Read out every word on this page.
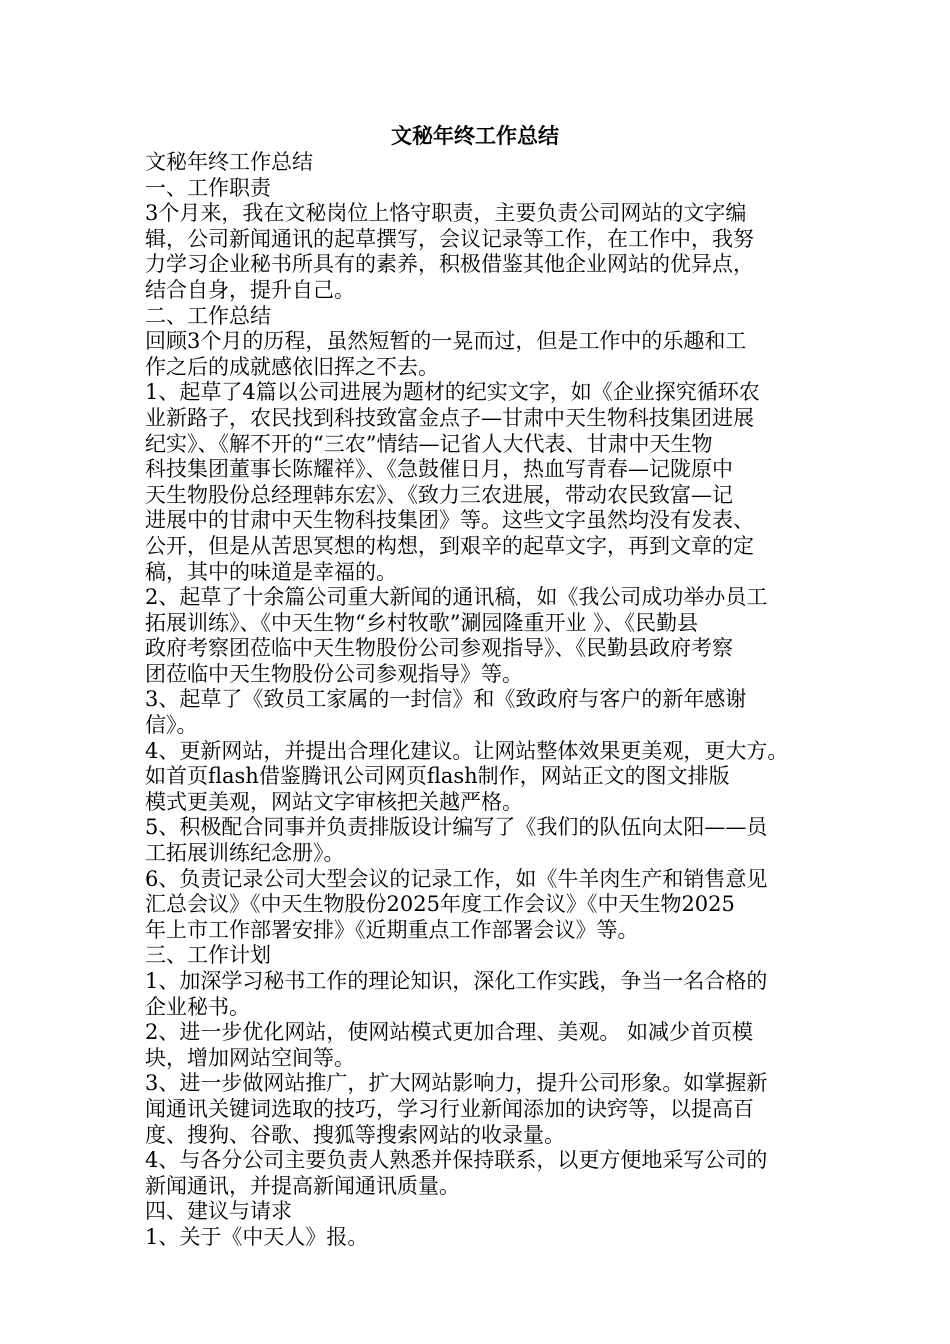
文秘年终工作总结

文秘年终工作总结

一、工作职责

3个月来，我在文秘岗位上恪守职责，主要负责公司网站的文字编
辑，公司新闻通讯的起草撰写，会议记录等工作，在工作中，我努
力学习企业秘书所具有的素养，积极借鉴其他企业网站的优异点，
结合自身，提升自己。

二、工作总结

回顾3个月的历程，虽然短暂的一晃而过，但是工作中的乐趣和工
作之后的成就感依旧挥之不去。

1、起草了4篇以公司进展为题材的纪实文字，如《企业探究循环农
业新路子，农民找到科技致富金点子—甘肃中天生物科技集团进展
纪实》、《解不开的“三农”情结—记省人大代表、甘肃中天生物
科技集团董事长陈耀祥》、《急鼓催日月，热血写青春—记陇原中
天生物股份总经理韩东宏》、《致力三农进展，带动农民致富—记
进展中的甘肃中天生物科技集团》等。这些文字虽然均没有发表、
公开，但是从苦思冥想的构想，到艰辛的起草文字，再到文章的定
稿，其中的味道是幸福的。

2、起草了十余篇公司重大新闻的通讯稿，如《我公司成功举办员工
拓展训练》、《中天生物“乡村牧歌”涮园隆重开业 》、《民勤县
政府考察团莅临中天生物股份公司参观指导》、《民勤县政府考察
团莅临中天生物股份公司参观指导》等。

3、起草了《致员工家属的一封信》和《致政府与客户的新年感谢
信》。

4、更新网站，并提出合理化建议。让网站整体效果更美观，更大方。
如首页flash借鉴腾讯公司网页flash制作，网站正文的图文排版
模式更美观，网站文字审核把关越严格。

5、积极配合同事并负责排版设计编写了《我们的队伍向太阳——员
工拓展训练纪念册》。

6、负责记录公司大型会议的记录工作，如《牛羊肉生产和销售意见
汇总会议》《中天生物股份2025年度工作会议》《中天生物2025
年上市工作部署安排》《近期重点工作部署会议》等。

三、工作计划

1、加深学习秘书工作的理论知识，深化工作实践，争当一名合格的
企业秘书。

2、进一步优化网站，使网站模式更加合理、美观。 如减少首页模
块，增加网站空间等。

3、进一步做网站推广，扩大网站影响力，提升公司形象。如掌握新
闻通讯关键词选取的技巧，学习行业新闻添加的诀窍等，以提高百
度、搜狗、谷歌、搜狐等搜索网站的收录量。

4、与各分公司主要负责人熟悉并保持联系，以更方便地采写公司的
新闻通讯，并提高新闻通讯质量。

四、建议与请求

1、关于《中天人》报。
